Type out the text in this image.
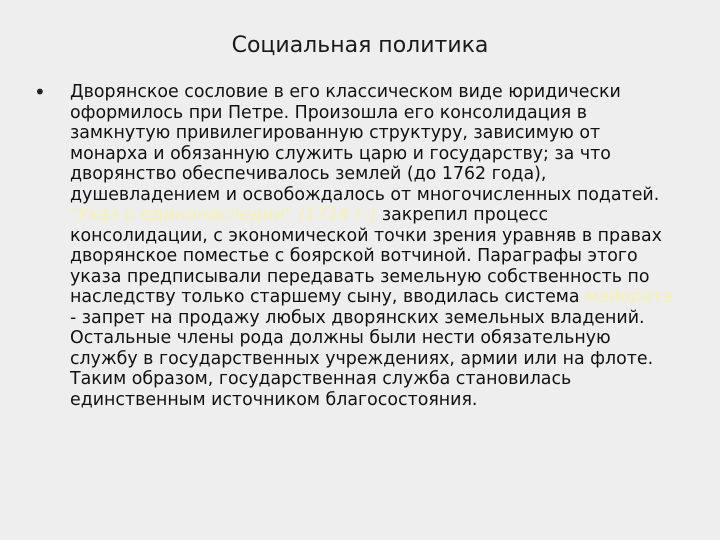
Социальная политика
• Дворянское сословие в его классическом виде юридически оформилось при Петре. Произошла его консолидация в замкнутую привилегированную структуру, зависимую от монарха и обязанную служить царю и государству; за что дворянство обеспечивалось землей (до 1762 года), душевладением и освобождалось от многочисленных податей. "Указ о единонаследии" (1714 г.) закрепил процесс консолидации, с экономической точки зрения уравняв в правах дворянское поместье с боярской вотчиной. Параграфы этого указа предписывали передавать земельную собственность по наследству только старшему сыну, вводилась система майората - запрет на продажу любых дворянских земельных владений. Остальные члены рода должны были нести обязательную службу в государственных учреждениях, армии или на флоте. Таким образом, государственная служба становилась единственным источником благосостояния.
